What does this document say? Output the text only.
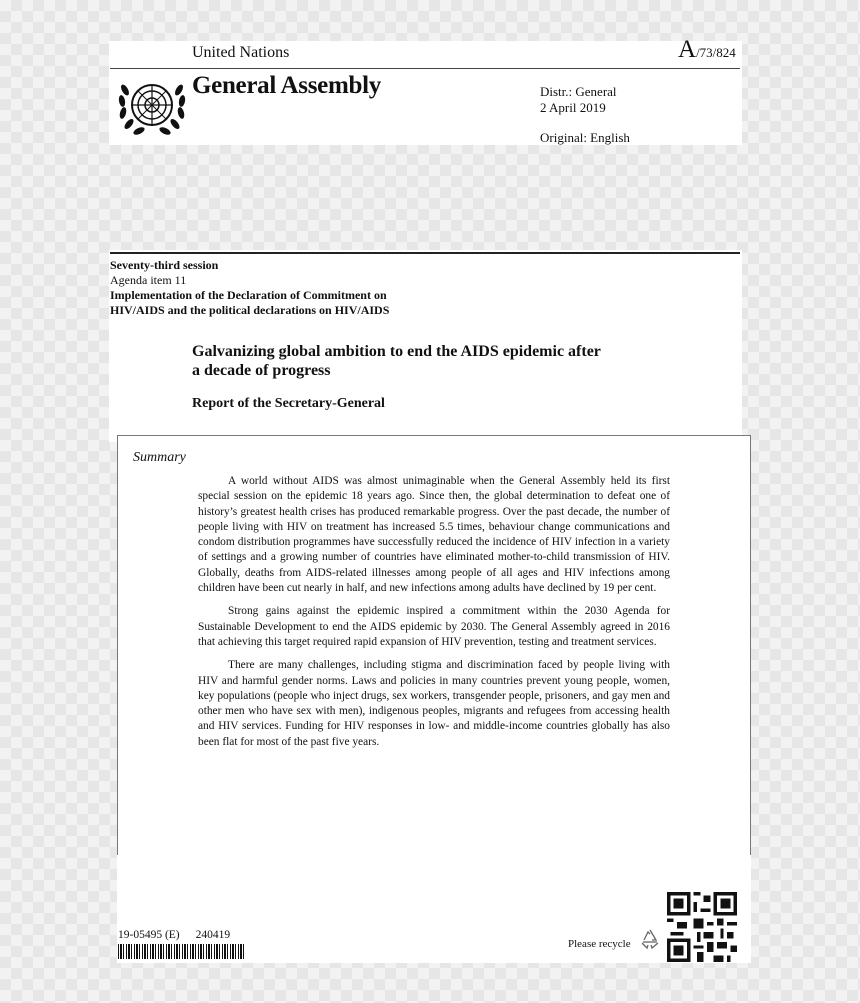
United Nations	A/73/824
General Assembly	Distr.: General
2 April 2019
Original: English
Seventy-third session
Agenda item 11
Implementation of the Declaration of Commitment on
HIV/AIDS and the political declarations on HIV/AIDS
Galvanizing global ambition to end the AIDS epidemic after
a decade of progress
Report of the Secretary-General
Summary

A world without AIDS was almost unimaginable when the General Assembly held its first special session on the epidemic 18 years ago. Since then, the global determination to defeat one of history’s greatest health crises has produced remarkable progress. Over the past decade, the number of people living with HIV on treatment has increased 5.5 times, behaviour change communications and condom distribution programmes have successfully reduced the incidence of HIV infection in a variety of settings and a growing number of countries have eliminated mother-to-child transmission of HIV. Globally, deaths from AIDS-related illnesses among people of all ages and HIV infections among children have been cut nearly in half, and new infections among adults have declined by 19 per cent.

Strong gains against the epidemic inspired a commitment within the 2030 Agenda for Sustainable Development to end the AIDS epidemic by 2030. The General Assembly agreed in 2016 that achieving this target required rapid expansion of HIV prevention, testing and treatment services.

There are many challenges, including stigma and discrimination faced by people living with HIV and harmful gender norms. Laws and policies in many countries prevent young people, women, key populations (people who inject drugs, sex workers, transgender people, prisoners, and gay men and other men who have sex with men), indigenous peoples, migrants and refugees from accessing health and HIV services. Funding for HIV responses in low- and middle-income countries globally has also been flat for most of the past five years.

19-05495 (E) 240419
Please recycle
